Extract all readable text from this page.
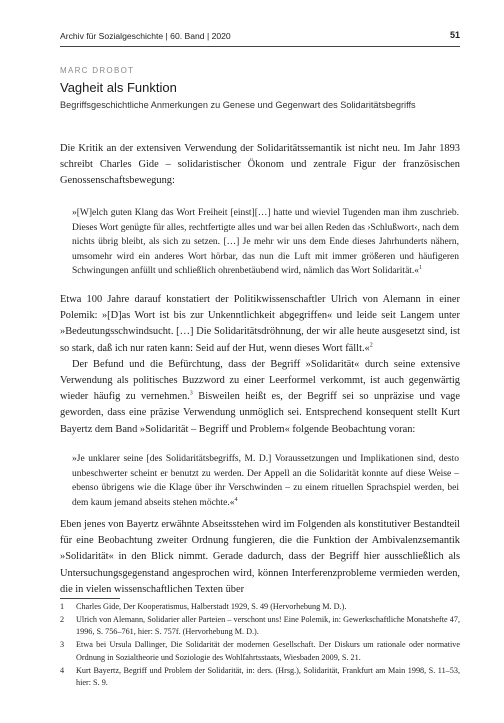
Archiv für Sozialgeschichte | 60. Band | 2020	51
MARC DROBOT
Vagheit als Funktion
Begriffsgeschichtliche Anmerkungen zu Genese und Gegenwart des Solidaritätsbegriffs

Die Kritik an der extensiven Verwendung der Solidaritätssemantik ist nicht neu. Im Jahr 1893 schreibt Charles Gide – solidaristischer Ökonom und zentrale Figur der französischen Genossenschaftsbewegung:

»[W]elch guten Klang das Wort Freiheit [einst][…] hatte und wieviel Tugenden man ihm zuschrieb. Dieses Wort genügte für alles, rechtfertigte alles und war bei allen Reden das ›Schlußwort‹, nach dem nichts übrig bleibt, als sich zu setzen. […] Je mehr wir uns dem Ende dieses Jahrhunderts nähern, umsomehr wird ein anderes Wort hörbar, das nun die Luft mit immer größeren und häufigeren Schwingungen anfüllt und schließlich ohrenbetäubend wird, nämlich das Wort Solidarität.«$^1$

Etwa 100 Jahre darauf konstatiert der Politikwissenschaftler Ulrich von Alemann in einer Polemik: »[D]as Wort ist bis zur Unkenntlichkeit abgegriffen« und leide seit Langem unter »Bedeutungsschwindsucht. […] Die Solidaritätsdröhnung, der wir alle heute ausgesetzt sind, ist so stark, daß ich nur raten kann: Seid auf der Hut, wenn dieses Wort fällt.«$^2$

Der Befund und die Befürchtung, dass der Begriff »Solidarität« durch seine extensive Verwendung als politisches Buzzword zu einer Leerformel verkommt, ist auch gegenwärtig wieder häufig zu vernehmen.$^3$ Bisweilen heißt es, der Begriff sei so unpräzise und vage geworden, dass eine präzise Verwendung unmöglich sei. Entsprechend konsequent stellt Kurt Bayertz dem Band »Solidarität – Begriff und Problem« folgende Beobachtung voran:

»Je unklarer seine [des Solidaritätsbegriffs, M. D.] Voraussetzungen und Implikationen sind, desto unbeschwerter scheint er benutzt zu werden. Der Appell an die Solidarität konnte auf diese Weise – ebenso übrigens wie die Klage über ihr Verschwinden – zu einem rituellen Sprachspiel werden, bei dem kaum jemand abseits stehen möchte.«$^4$

Eben jenes von Bayertz erwähnte Abseitsstehen wird im Folgenden als konstitutiver Bestandteil für eine Beobachtung zweiter Ordnung fungieren, die die Funktion der Ambivalenzsemantik »Solidarität« in den Blick nimmt. Gerade dadurch, dass der Begriff hier ausschließlich als Untersuchungsgegenstand angesprochen wird, können Interferenzprobleme vermieden werden, die in vielen wissenschaftlichen Texten über

1 Charles Gide, Der Kooperatismus, Halberstadt 1929, S. 49 (Hervorhebung M. D.).

2 Ulrich von Alemann, Solidarier aller Parteien – verschont uns! Eine Polemik, in: Gewerkschaftliche Monatshefte 47, 1996, S. 756–761, hier: S. 757f. (Hervorhebung M. D.).

3 Etwa bei Ursula Dallinger, Die Solidarität der modernen Gesellschaft. Der Diskurs um rationale oder normative Ordnung in Sozialtheorie und Soziologie des Wohlfahrtsstaats, Wiesbaden 2009, S. 21.

4 Kurt Bayertz, Begriff und Problem der Solidarität, in: ders. (Hrsg.), Solidarität, Frankfurt am Main 1998, S. 11–53, hier: S. 9.
